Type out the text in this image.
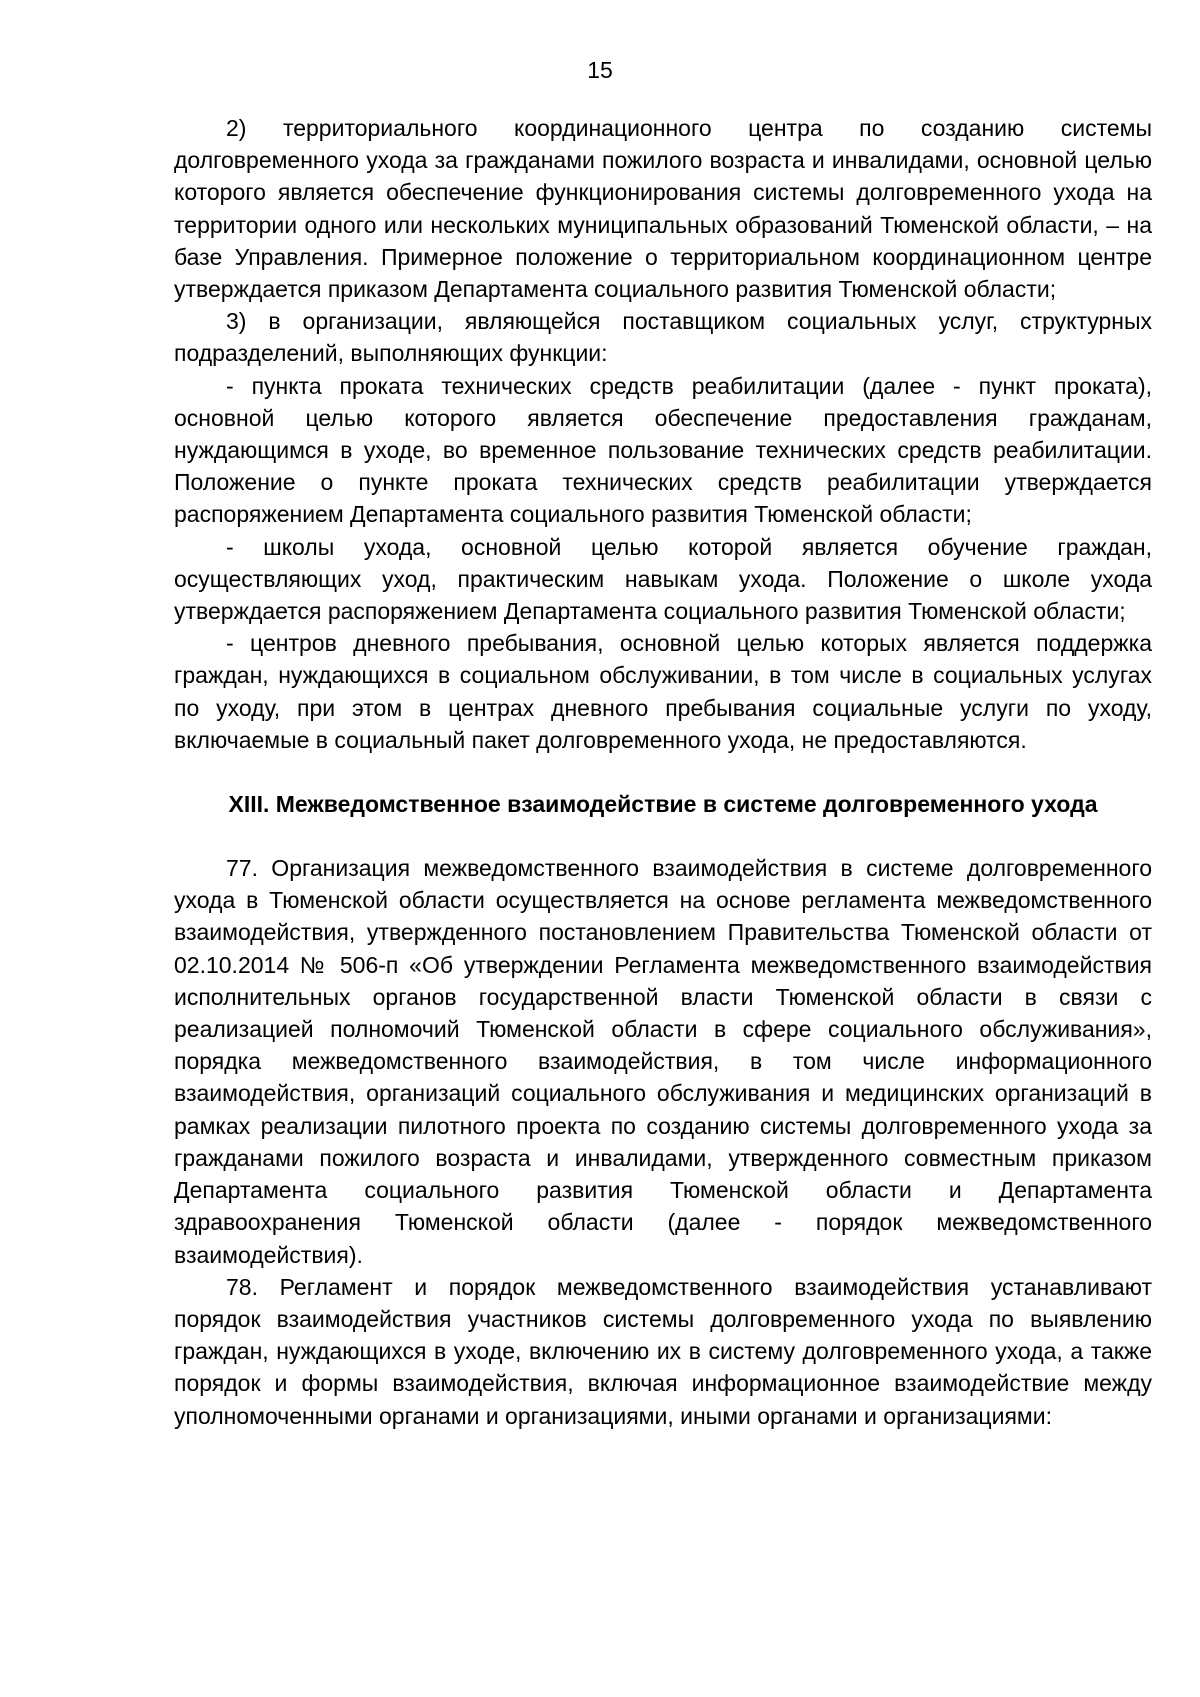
15

2) территориального координационного центра по созданию системы долговременного ухода за гражданами пожилого возраста и инвалидами, основной целью которого является обеспечение функционирования системы долговременного ухода на территории одного или нескольких муниципальных образований Тюменской области, – на базе Управления. Примерное положение о территориальном координационном центре утверждается приказом Департамента социального развития Тюменской области;

3) в организации, являющейся поставщиком социальных услуг, структурных подразделений, выполняющих функции:

- пункта проката технических средств реабилитации (далее - пункт проката), основной целью которого является обеспечение предоставления гражданам, нуждающимся в уходе, во временное пользование технических средств реабилитации. Положение о пункте проката технических средств реабилитации утверждается распоряжением Департамента социального развития Тюменской области;

- школы ухода, основной целью которой является обучение граждан, осуществляющих уход, практическим навыкам ухода. Положение о школе ухода утверждается распоряжением Департамента социального развития Тюменской области;

- центров дневного пребывания, основной целью которых является поддержка граждан, нуждающихся в социальном обслуживании, в том числе в социальных услугах по уходу, при этом в центрах дневного пребывания социальные услуги по уходу, включаемые в социальный пакет долговременного ухода, не предоставляются.

XIII. Межведомственное взаимодействие в системе долговременного ухода

77. Организация межведомственного взаимодействия в системе долговременного ухода в Тюменской области осуществляется на основе регламента межведомственного взаимодействия, утвержденного постановлением Правительства Тюменской области от 02.10.2014 № 506-п «Об утверждении Регламента межведомственного взаимодействия исполнительных органов государственной власти Тюменской области в связи с реализацией полномочий Тюменской области в сфере социального обслуживания», порядка межведомственного взаимодействия, в том числе информационного взаимодействия, организаций социального обслуживания и медицинских организаций в рамках реализации пилотного проекта по созданию системы долговременного ухода за гражданами пожилого возраста и инвалидами, утвержденного совместным приказом Департамента социального развития Тюменской области и Департамента здравоохранения Тюменской области (далее - порядок межведомственного взаимодействия).

78. Регламент и порядок межведомственного взаимодействия устанавливают порядок взаимодействия участников системы долговременного ухода по выявлению граждан, нуждающихся в уходе, включению их в систему долговременного ухода, а также порядок и формы взаимодействия, включая информационное взаимодействие между уполномоченными органами и организациями, иными органами и организациями:
